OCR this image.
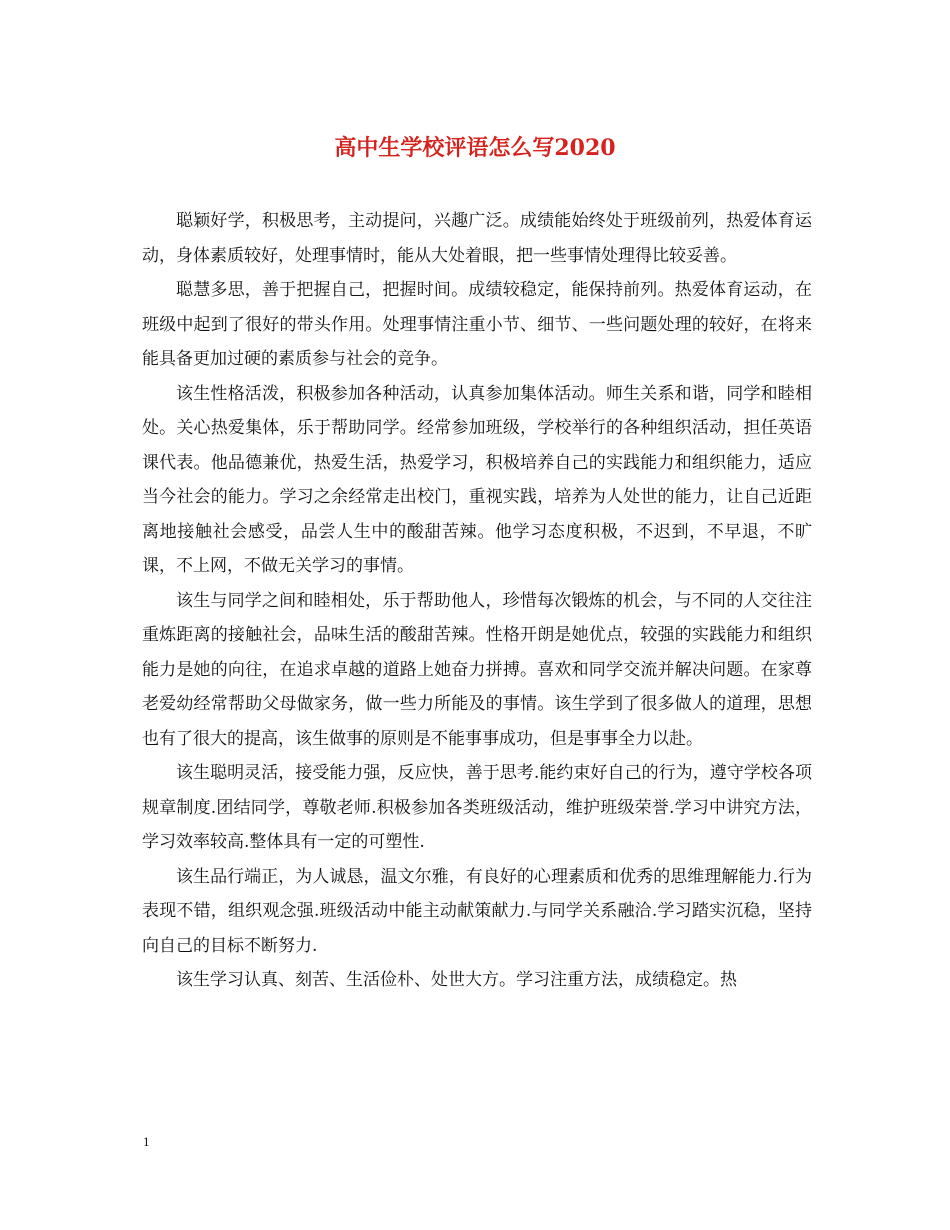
高中生学校评语怎么写2020

聪颖好学，积极思考，主动提问，兴趣广泛。成绩能始终处于班级前列，热爱体育运动，身体素质较好，处理事情时，能从大处着眼，把一些事情处理得比较妥善。

聪慧多思，善于把握自己，把握时间。成绩较稳定，能保持前列。热爱体育运动，在班级中起到了很好的带头作用。处理事情注重小节、细节、一些问题处理的较好，在将来能具备更加过硬的素质参与社会的竞争。

该生性格活泼，积极参加各种活动，认真参加集体活动。师生关系和谐，同学和睦相处。关心热爱集体，乐于帮助同学。经常参加班级，学校举行的各种组织活动，担任英语课代表。他品德兼优，热爱生活，热爱学习，积极培养自己的实践能力和组织能力，适应当今社会的能力。学习之余经常走出校门，重视实践，培养为人处世的能力，让自己近距离地接触社会感受，品尝人生中的酸甜苦辣。他学习态度积极，不迟到，不早退，不旷课，不上网，不做无关学习的事情。

该生与同学之间和睦相处，乐于帮助他人，珍惜每次锻炼的机会，与不同的人交往注重炼距离的接触社会，品味生活的酸甜苦辣。性格开朗是她优点，较强的实践能力和组织能力是她的向往，在追求卓越的道路上她奋力拼搏。喜欢和同学交流并解决问题。在家尊老爱幼经常帮助父母做家务，做一些力所能及的事情。该生学到了很多做人的道理，思想也有了很大的提高，该生做事的原则是不能事事成功，但是事事全力以赴。

该生聪明灵活，接受能力强，反应快，善于思考.能约束好自己的行为，遵守学校各项规章制度.团结同学，尊敬老师.积极参加各类班级活动，维护班级荣誉.学习中讲究方法，学习效率较高.整体具有一定的可塑性.

该生品行端正，为人诚恳，温文尔雅，有良好的心理素质和优秀的思维理解能力.行为表现不错，组织观念强.班级活动中能主动献策献力.与同学关系融洽.学习踏实沉稳，坚持向自己的目标不断努力.

该生学习认真、刻苦、生活俭朴、处世大方。学习注重方法，成绩稳定。热

1
